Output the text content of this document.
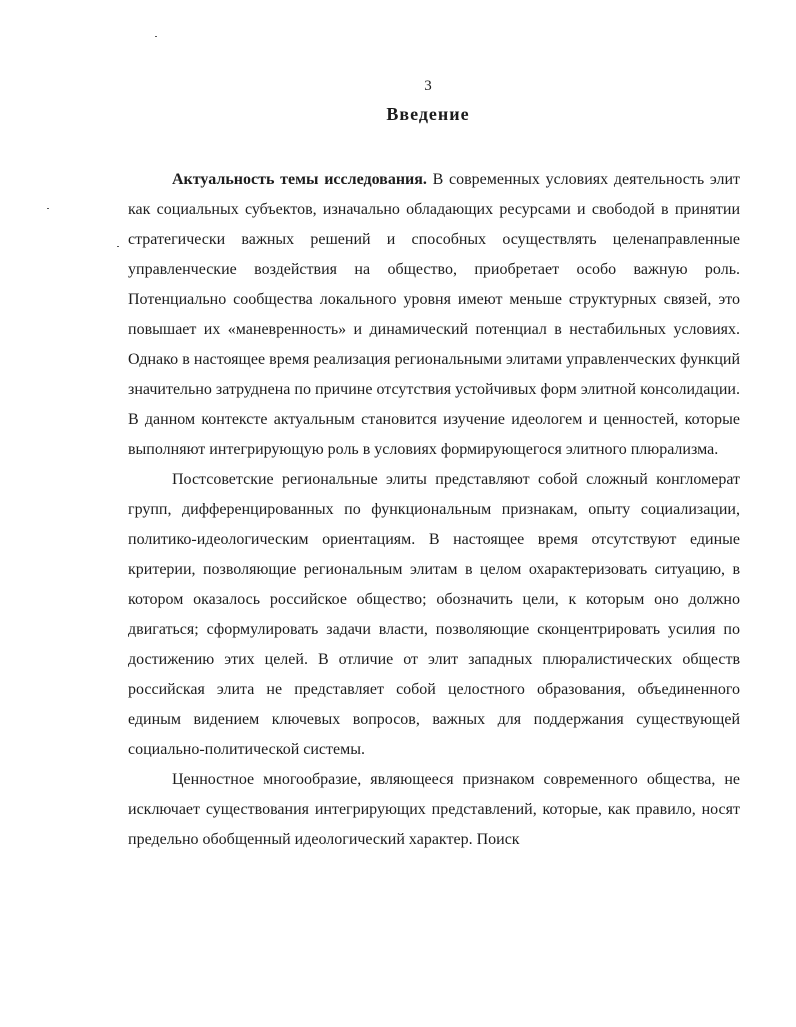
3
Введение

Актуальность темы исследования. В современных условиях деятельность элит как социальных субъектов, изначально обладающих ресурсами и свободой в принятии стратегически важных решений и способных осуществлять целенаправленные управленческие воздействия на общество, приобретает особо важную роль. Потенциально сообщества локального уровня имеют меньше структурных связей, это повышает их «маневренность» и динамический потенциал в нестабильных условиях. Однако в настоящее время реализация региональными элитами управленческих функций значительно затруднена по причине отсутствия устойчивых форм элитной консолидации. В данном контексте актуальным становится изучение идеологем и ценностей, которые выполняют интегрирующую роль в условиях формирующегося элитного плюрализма.

Постсоветские региональные элиты представляют собой сложный конгломерат групп, дифференцированных по функциональным признакам, опыту социализации, политико-идеологическим ориентациям. В настоящее время отсутствуют единые критерии, позволяющие региональным элитам в целом охарактеризовать ситуацию, в котором оказалось российское общество; обозначить цели, к которым оно должно двигаться; сформулировать задачи власти, позволяющие сконцентрировать усилия по достижению этих целей. В отличие от элит западных плюралистических обществ российская элита не представляет собой целостного образования, объединенного единым видением ключевых вопросов, важных для поддержания существующей социально-политической системы.

Ценностное многообразие, являющееся признаком современного общества, не исключает существования интегрирующих представлений, которые, как правило, носят предельно обобщенный идеологический характер. Поиск
